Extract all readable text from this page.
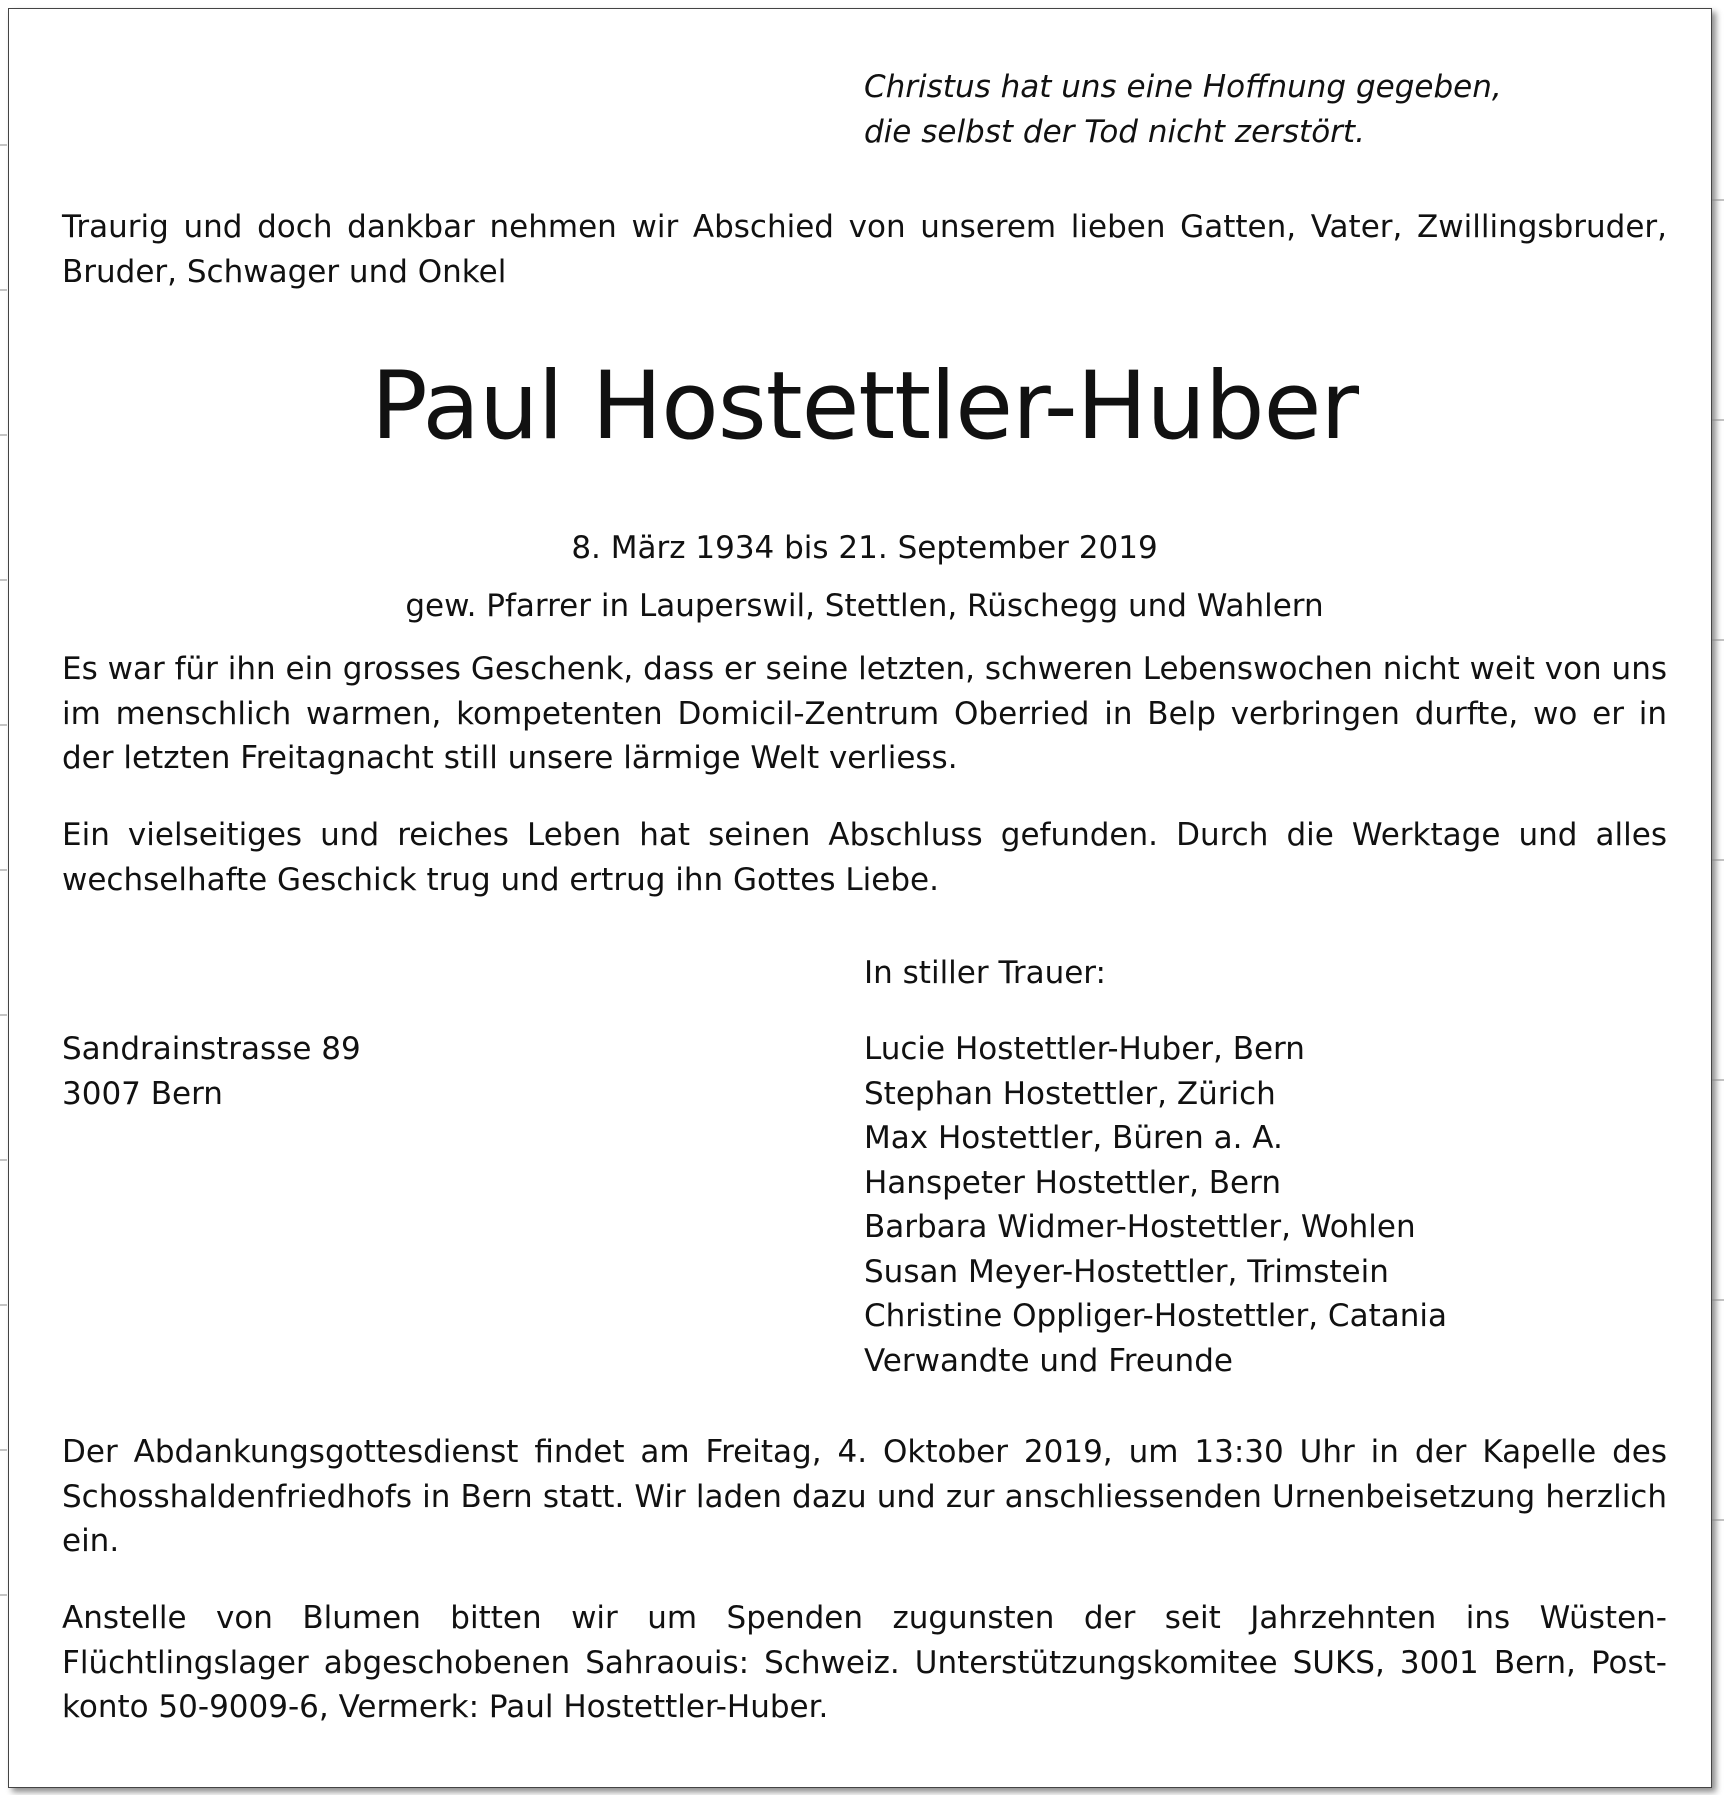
Christus hat uns eine Hoffnung gegeben,
die selbst der Tod nicht zerstört.
Traurig und doch dankbar nehmen wir Abschied von unserem lieben Gatten, Vater, Zwillingsbruder, Bruder, Schwager und Onkel
Paul Hostettler-Huber
8. März 1934 bis 21. September 2019
gew. Pfarrer in Lauperswil, Stettlen, Rüschegg und Wahlern
Es war für ihn ein grosses Geschenk, dass er seine letzten, schweren Lebenswochen nicht weit von uns im menschlich warmen, kompetenten Domicil-Zentrum Oberried in Belp verbringen durfte, wo er in der letzten Freitagnacht still unsere lärmige Welt verliess.
Ein vielseitiges und reiches Leben hat seinen Abschluss gefunden. Durch die Werktage und alles wechselhafte Geschick trug und ertrug ihn Gottes Liebe.
In stiller Trauer:
Sandrainstrasse 89
3007 Bern
Lucie Hostettler-Huber, Bern
Stephan Hostettler, Zürich
Max Hostettler, Büren a. A.
Hanspeter Hostettler, Bern
Barbara Widmer-Hostettler, Wohlen
Susan Meyer-Hostettler, Trimstein
Christine Oppliger-Hostettler, Catania
Verwandte und Freunde
Der Abdankungsgottesdienst findet am Freitag, 4. Oktober 2019, um 13:30 Uhr in der Kapelle des Schosshaldenfriedhofs in Bern statt. Wir laden dazu und zur anschliessenden Urnenbeisetzung herzlich ein.
Anstelle von Blumen bitten wir um Spenden zugunsten der seit Jahrzehnten ins Wüsten-Flüchtlingslager abgeschobenen Sahraouis: Schweiz. Unterstützungskomitee SUKS, 3001 Bern, Post-konto 50-9009-6, Vermerk: Paul Hostettler-Huber.
